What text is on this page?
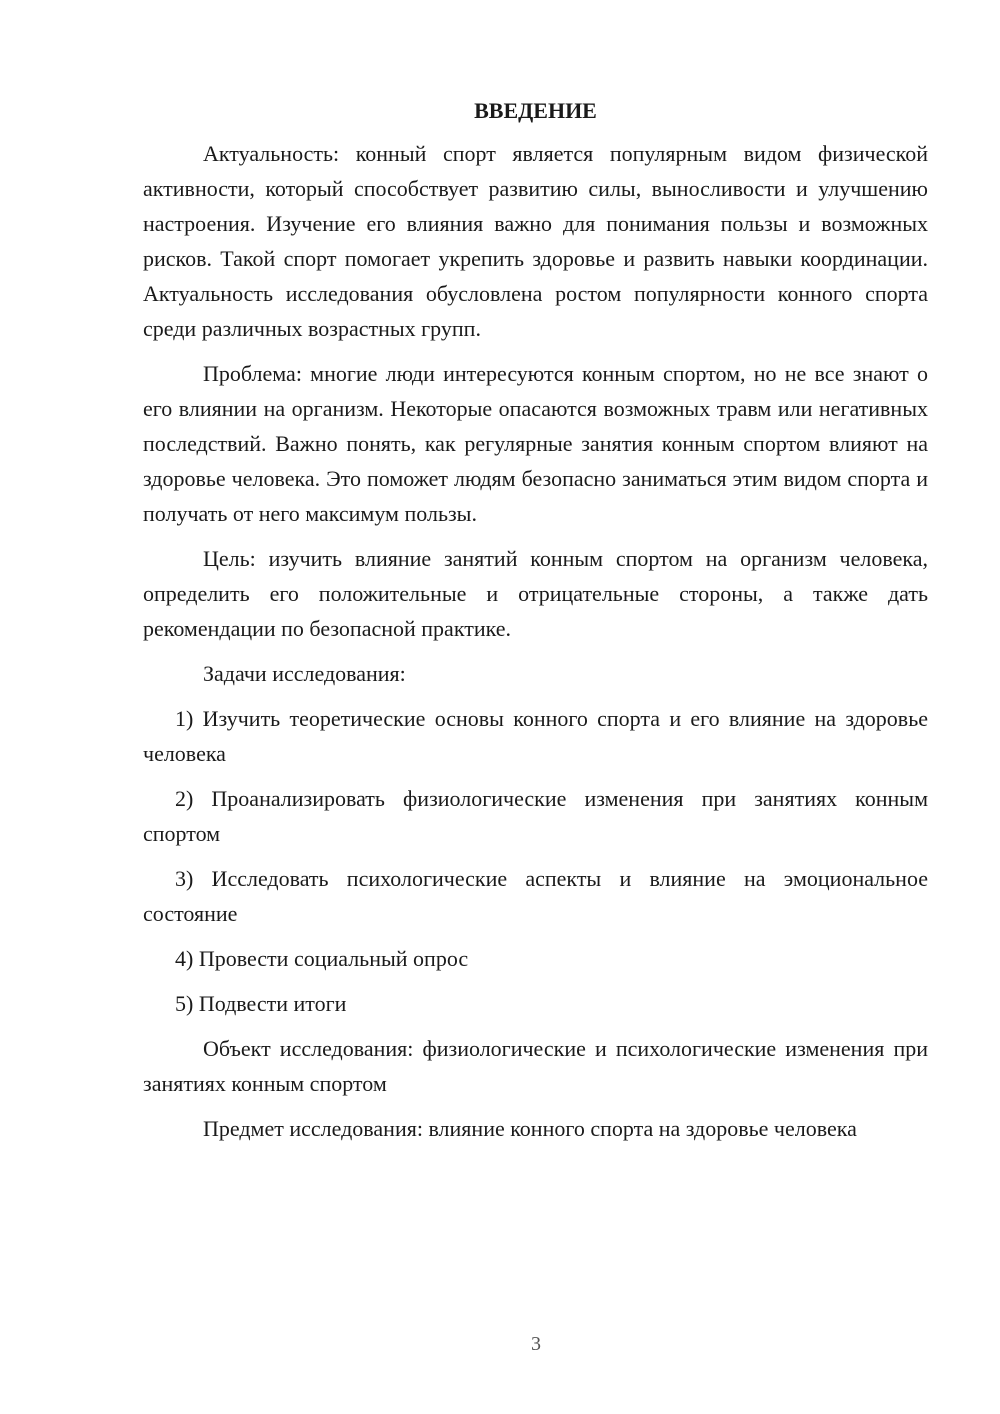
ВВЕДЕНИЕ

Актуальность: конный спорт является популярным видом физической активности, который способствует развитию силы, выносливости и улучшению настроения. Изучение его влияния важно для понимания пользы и возможных рисков. Такой спорт помогает укрепить здоровье и развить навыки координации. Актуальность исследования обусловлена ростом популярности конного спорта среди различных возрастных групп.

Проблема: многие люди интересуются конным спортом, но не все знают о его влиянии на организм. Некоторые опасаются возможных травм или негативных последствий. Важно понять, как регулярные занятия конным спортом влияют на здоровье человека. Это поможет людям безопасно заниматься этим видом спорта и получать от него максимум пользы.

Цель: изучить влияние занятий конным спортом на организм человека, определить его положительные и отрицательные стороны, а также дать рекомендации по безопасной практике.

Задачи исследования:

1) Изучить теоретические основы конного спорта и его влияние на здоровье человека

2) Проанализировать физиологические изменения при занятиях конным спортом

3) Исследовать психологические аспекты и влияние на эмоциональное состояние

4) Провести социальный опрос

5) Подвести итоги

Объект исследования: физиологические и психологические изменения при занятиях конным спортом

Предмет исследования: влияние конного спорта на здоровье человека

3
